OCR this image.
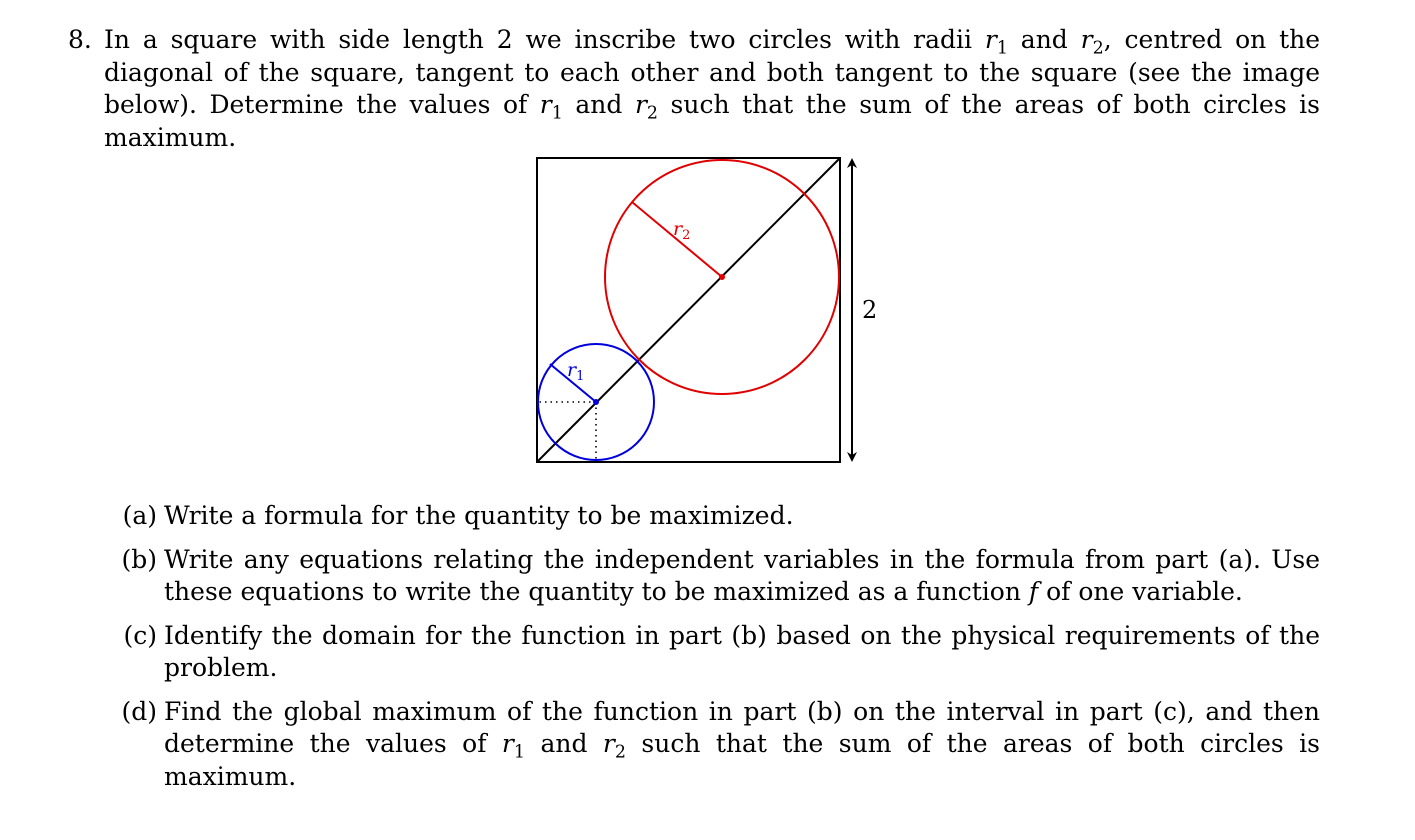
8. In a square with side length 2 we inscribe two circles with radii $r_1$ and $r_2$, centred on the diagonal of the square, tangent to each other and both tangent to the square (see the image below). Determine the values of $r_1$ and $r_2$ such that the sum of the areas of both circles is maximum.
$r_2$
$r_1$
2
(a) Write a formula for the quantity to be maximized.
(b) Write any equations relating the independent variables in the formula from part (a). Use these equations to write the quantity to be maximized as a function f of one variable.
(c) Identify the domain for the function in part (b) based on the physical requirements of the problem.
(d) Find the global maximum of the function in part (b) on the interval in part (c), and then determine the values of $r_1$ and $r_2$ such that the sum of the areas of both circles is maximum.
